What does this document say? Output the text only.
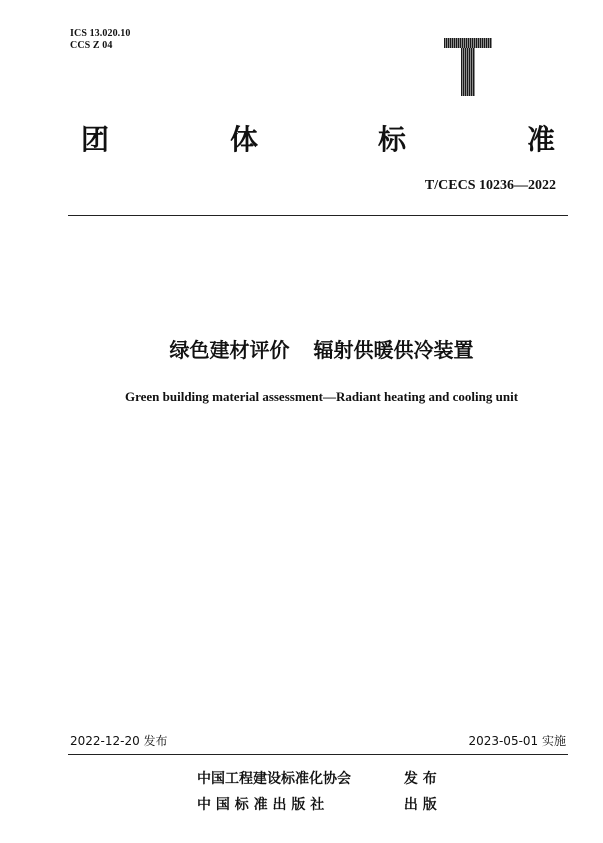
ICS 13.020.10
CCS Z 04
团	体	标	准
T/CECS 10236—2022
绿色建材评价 辐射供暖供冷装置
Green building material assessment—Radiant heating and cooling unit
2022-12-20 发布	2023-05-01 实施
中国工程建设标准化协会	发 布
中 国 标 准 出 版 社	出 版
